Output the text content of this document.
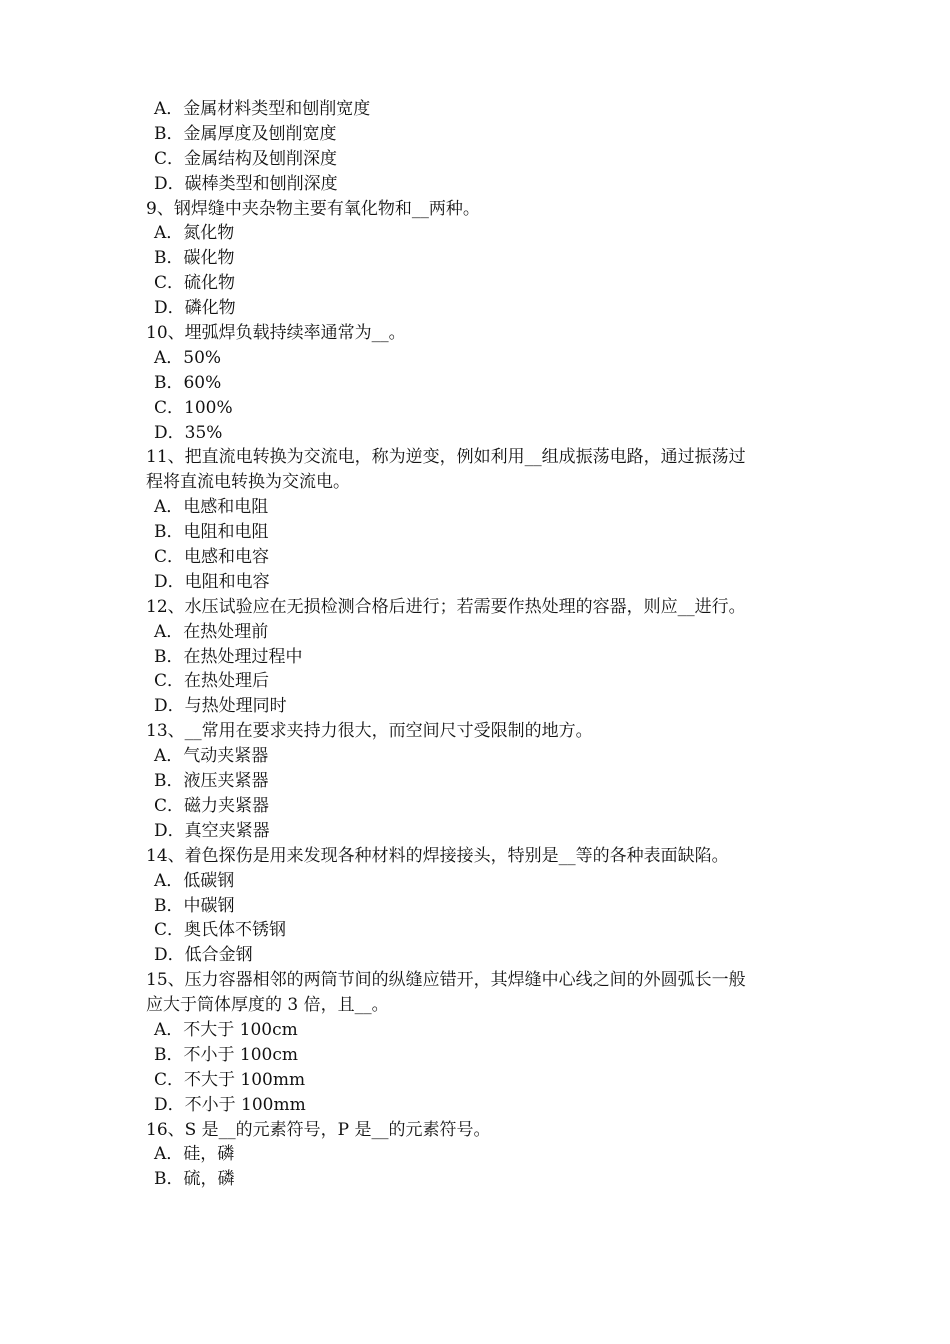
A．金属材料类型和刨削宽度
B．金属厚度及刨削宽度
C．金属结构及刨削深度
D．碳棒类型和刨削深度
9、钢焊缝中夹杂物主要有氧化物和__两种。
A．氮化物
B．碳化物
C．硫化物
D．磷化物
10、埋弧焊负载持续率通常为__。
A．50%
B．60%
C．100%
D．35%
11、把直流电转换为交流电，称为逆变，例如利用__组成振荡电路，通过振荡过
程将直流电转换为交流电。
A．电感和电阻
B．电阻和电阻
C．电感和电容
D．电阻和电容
12、水压试验应在无损检测合格后进行；若需要作热处理的容器，则应__进行。
A．在热处理前
B．在热处理过程中
C．在热处理后
D．与热处理同时
13、__常用在要求夹持力很大，而空间尺寸受限制的地方。
A．气动夹紧器
B．液压夹紧器
C．磁力夹紧器
D．真空夹紧器
14、着色探伤是用来发现各种材料的焊接接头，特别是__等的各种表面缺陷。
A．低碳钢
B．中碳钢
C．奥氏体不锈钢
D．低合金钢
15、压力容器相邻的两筒节间的纵缝应错开，其焊缝中心线之间的外圆弧长一般
应大于筒体厚度的 3 倍，且__。
A．不大于 100cm
B．不小于 100cm
C．不大于 100mm
D．不小于 100mm
16、S 是__的元素符号，P 是__的元素符号。
A．硅，磷
B．硫，磷
